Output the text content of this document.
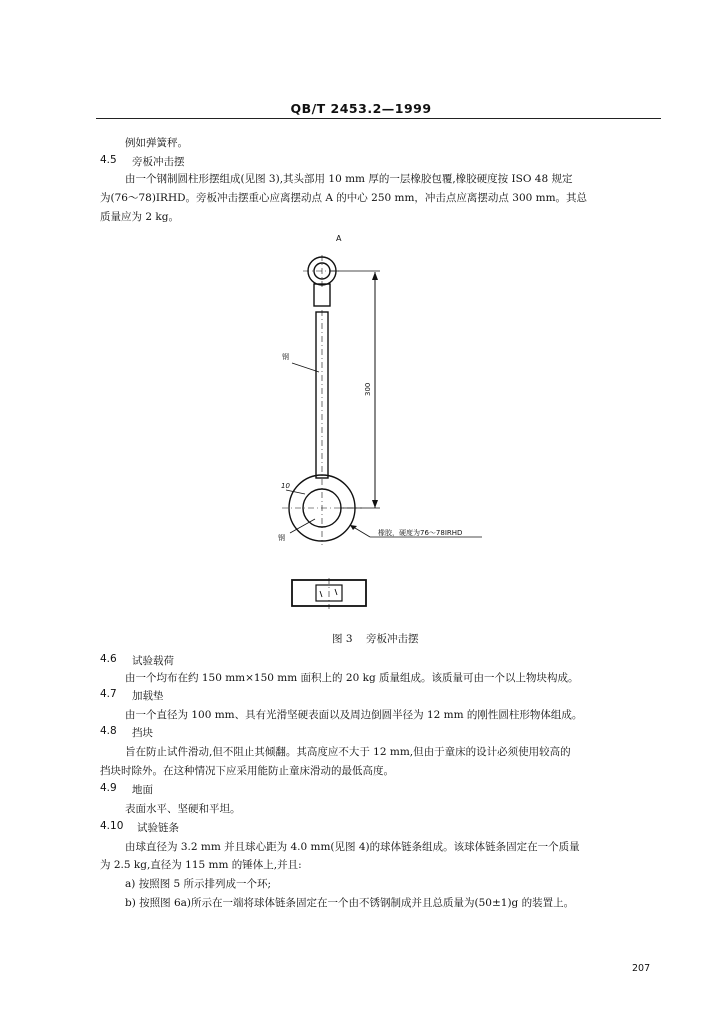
QB/T 2453.2—1999
例如弹簧秤。
4.5 旁板冲击摆
由一个钢制圆柱形摆组成(见图 3),其头部用 10 mm 厚的一层橡胶包覆,橡胶硬度按 ISO 48 规定
为(76～78)IRHD。旁板冲击摆重心应离摆动点 A 的中心 250 mm，冲击点应离摆动点 300 mm。其总
质量应为 2 kg。
A
钢
300
10
钢
橡胶，硬度为76～78IRHD
图 3 旁板冲击摆
4.6 试验载荷
由一个均布在约 150 mm×150 mm 面积上的 20 kg 质量组成。该质量可由一个以上物块构成。
4.7 加载垫
由一个直径为 100 mm、具有光滑坚硬表面以及周边倒圆半径为 12 mm 的刚性圆柱形物体组成。
4.8 挡块
旨在防止试件滑动,但不阻止其倾翻。其高度应不大于 12 mm,但由于童床的设计必须使用较高的
挡块时除外。在这种情况下应采用能防止童床滑动的最低高度。
4.9 地面
表面水平、坚硬和平坦。
4.10 试验链条
由球直径为 3.2 mm 并且球心距为 4.0 mm(见图 4)的球体链条组成。该球体链条固定在一个质量
为 2.5 kg,直径为 115 mm 的锤体上,并且:
a) 按照图 5 所示排列成一个环;
b) 按照图 6a)所示在一端将球体链条固定在一个由不锈钢制成并且总质量为(50±1)g 的装置上。
207
